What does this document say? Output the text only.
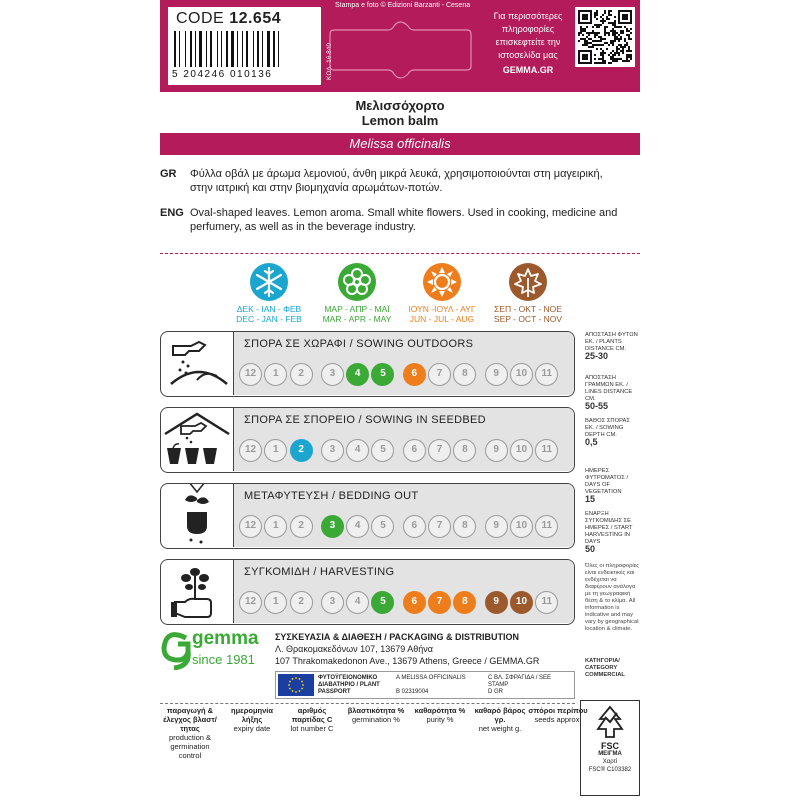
CODE 12.654
5 204246 010136	ΚΩΔ. 16.840
Stampa e foto © Edizioni Barzanti - Cesena
Για περισσότερες
πληροφορίες
επισκεφτείτε την
ιστοσελίδα μας
GEMMA.GR
Μελισσόχορτο
Lemon balm
Melissa officinalis
GR Φύλλα οβάλ με άρωμα λεμονιού, άνθη μικρά λευκά, χρησιμοποιούνται στη μαγειρική,
στην ιατρική και στην βιομηχανία αρωμάτων-ποτών.
ENG Oval-shaped leaves. Lemon aroma. Small white flowers. Used in cooking, medicine and
perfumery, as well as in the beverage industry.
ΔΕΚ - ΙΑΝ - ΦΕΒ
DEC - JAN - FEB
ΜΑΡ - ΑΠΡ - ΜΑΪ
MAR - APR - MAY
ΙΟΥΝ -ΙΟΥΛ - ΑΥΓ
JUN - JUL - AUG
ΣΕΠ - ΟΚΤ - ΝΟΕ
SEP - OCT - NOV
ΣΠΟΡΑ ΣΕ ΧΩΡΑΦΙ / SOWING OUTDOORS
12	1	2	3	4	5	6	7	8	9	10	11
ΣΠΟΡΑ ΣΕ ΣΠΟΡΕΙΟ / SOWING IN SEEDBED
12	1	2	3	4	5	6	7	8	9	10	11
ΜΕΤΑΦΥΤΕΥΣΗ / BEDDING OUT
12	1	2	3	4	5	6	7	8	9	10	11
ΣΥΓΚΟΜΙΔΗ / HARVESTING
12	1	2	3	4	5	6	7	8	9	10	11
ΑΠΟΣΤΑΣΗ ΦΥΤΩΝ ΕΚ. / PLANTS DISTANCE CM.
25-30
ΑΠΟΣΤΑΣΗ ΓΡΑΜΜΩΝ ΕΚ. / LINES DISTANCE CM.
50-55
ΒΑΘΟΣ ΣΠΟΡΑΣ ΕΚ. / SOWING DEPTH CM.
0,5
ΗΜΕΡΕΣ ΦΥΤΡΩΜΑΤΟΣ / DAYS OF VEGETATION
15
ΕΝΑΡΞΗ ΣΥΓΚΟΜΙΔΗΣ ΣΕ ΗΜΕΡΕΣ / START HARVESTING IN DAYS
50
Όλες οι πληροφορίες είναι ενδεικτικές και ενδέχεται να διαφέρουν ανάλογα με τη γεωγραφική θέση & το κλίμα. All information is indicative and may vary by geographical location & climate.
ΚΑΤΗΓΟΡΙΑ/ CATEGORY
COMMERCIAL
gemma
since 1981
ΣΥΣΚΕΥΑΣΙΑ & ΔΙΑΘΕΣΗ / PACKAGING & DISTRIBUTION
Λ. Θρακομακεδόνων 107, 13679 Αθήνα
107 Thrakomakedonon Ave., 13679 Athens, Greece / GEMMA.GR
ΦΥΤΟΫΓΕΙΟΝΟΜΙΚΟ ΔΙΑΒΑΤΗΡΙΟ / PLANT PASSPORT
A MELISSA OFFICINALIS
B 02319004
C ΒΛ. ΣΦΡΑΓΙΔΑ / SEE STAMP
D GR
παραγωγή & έλεγχος βλαστ/τητας
production & germination control
ημερομηνία λήξης
expiry date
αριθμός παρτίδας C
lot number C
βλαστικότητα %
germination %
καθαρότητα %
purity %
καθαρό βάρος γρ.
net weight g.
σπόροι περίπου
seeds approx.
FSC
ΜΕΙΓΜΑ
Χαρτί
FSC® C103382
